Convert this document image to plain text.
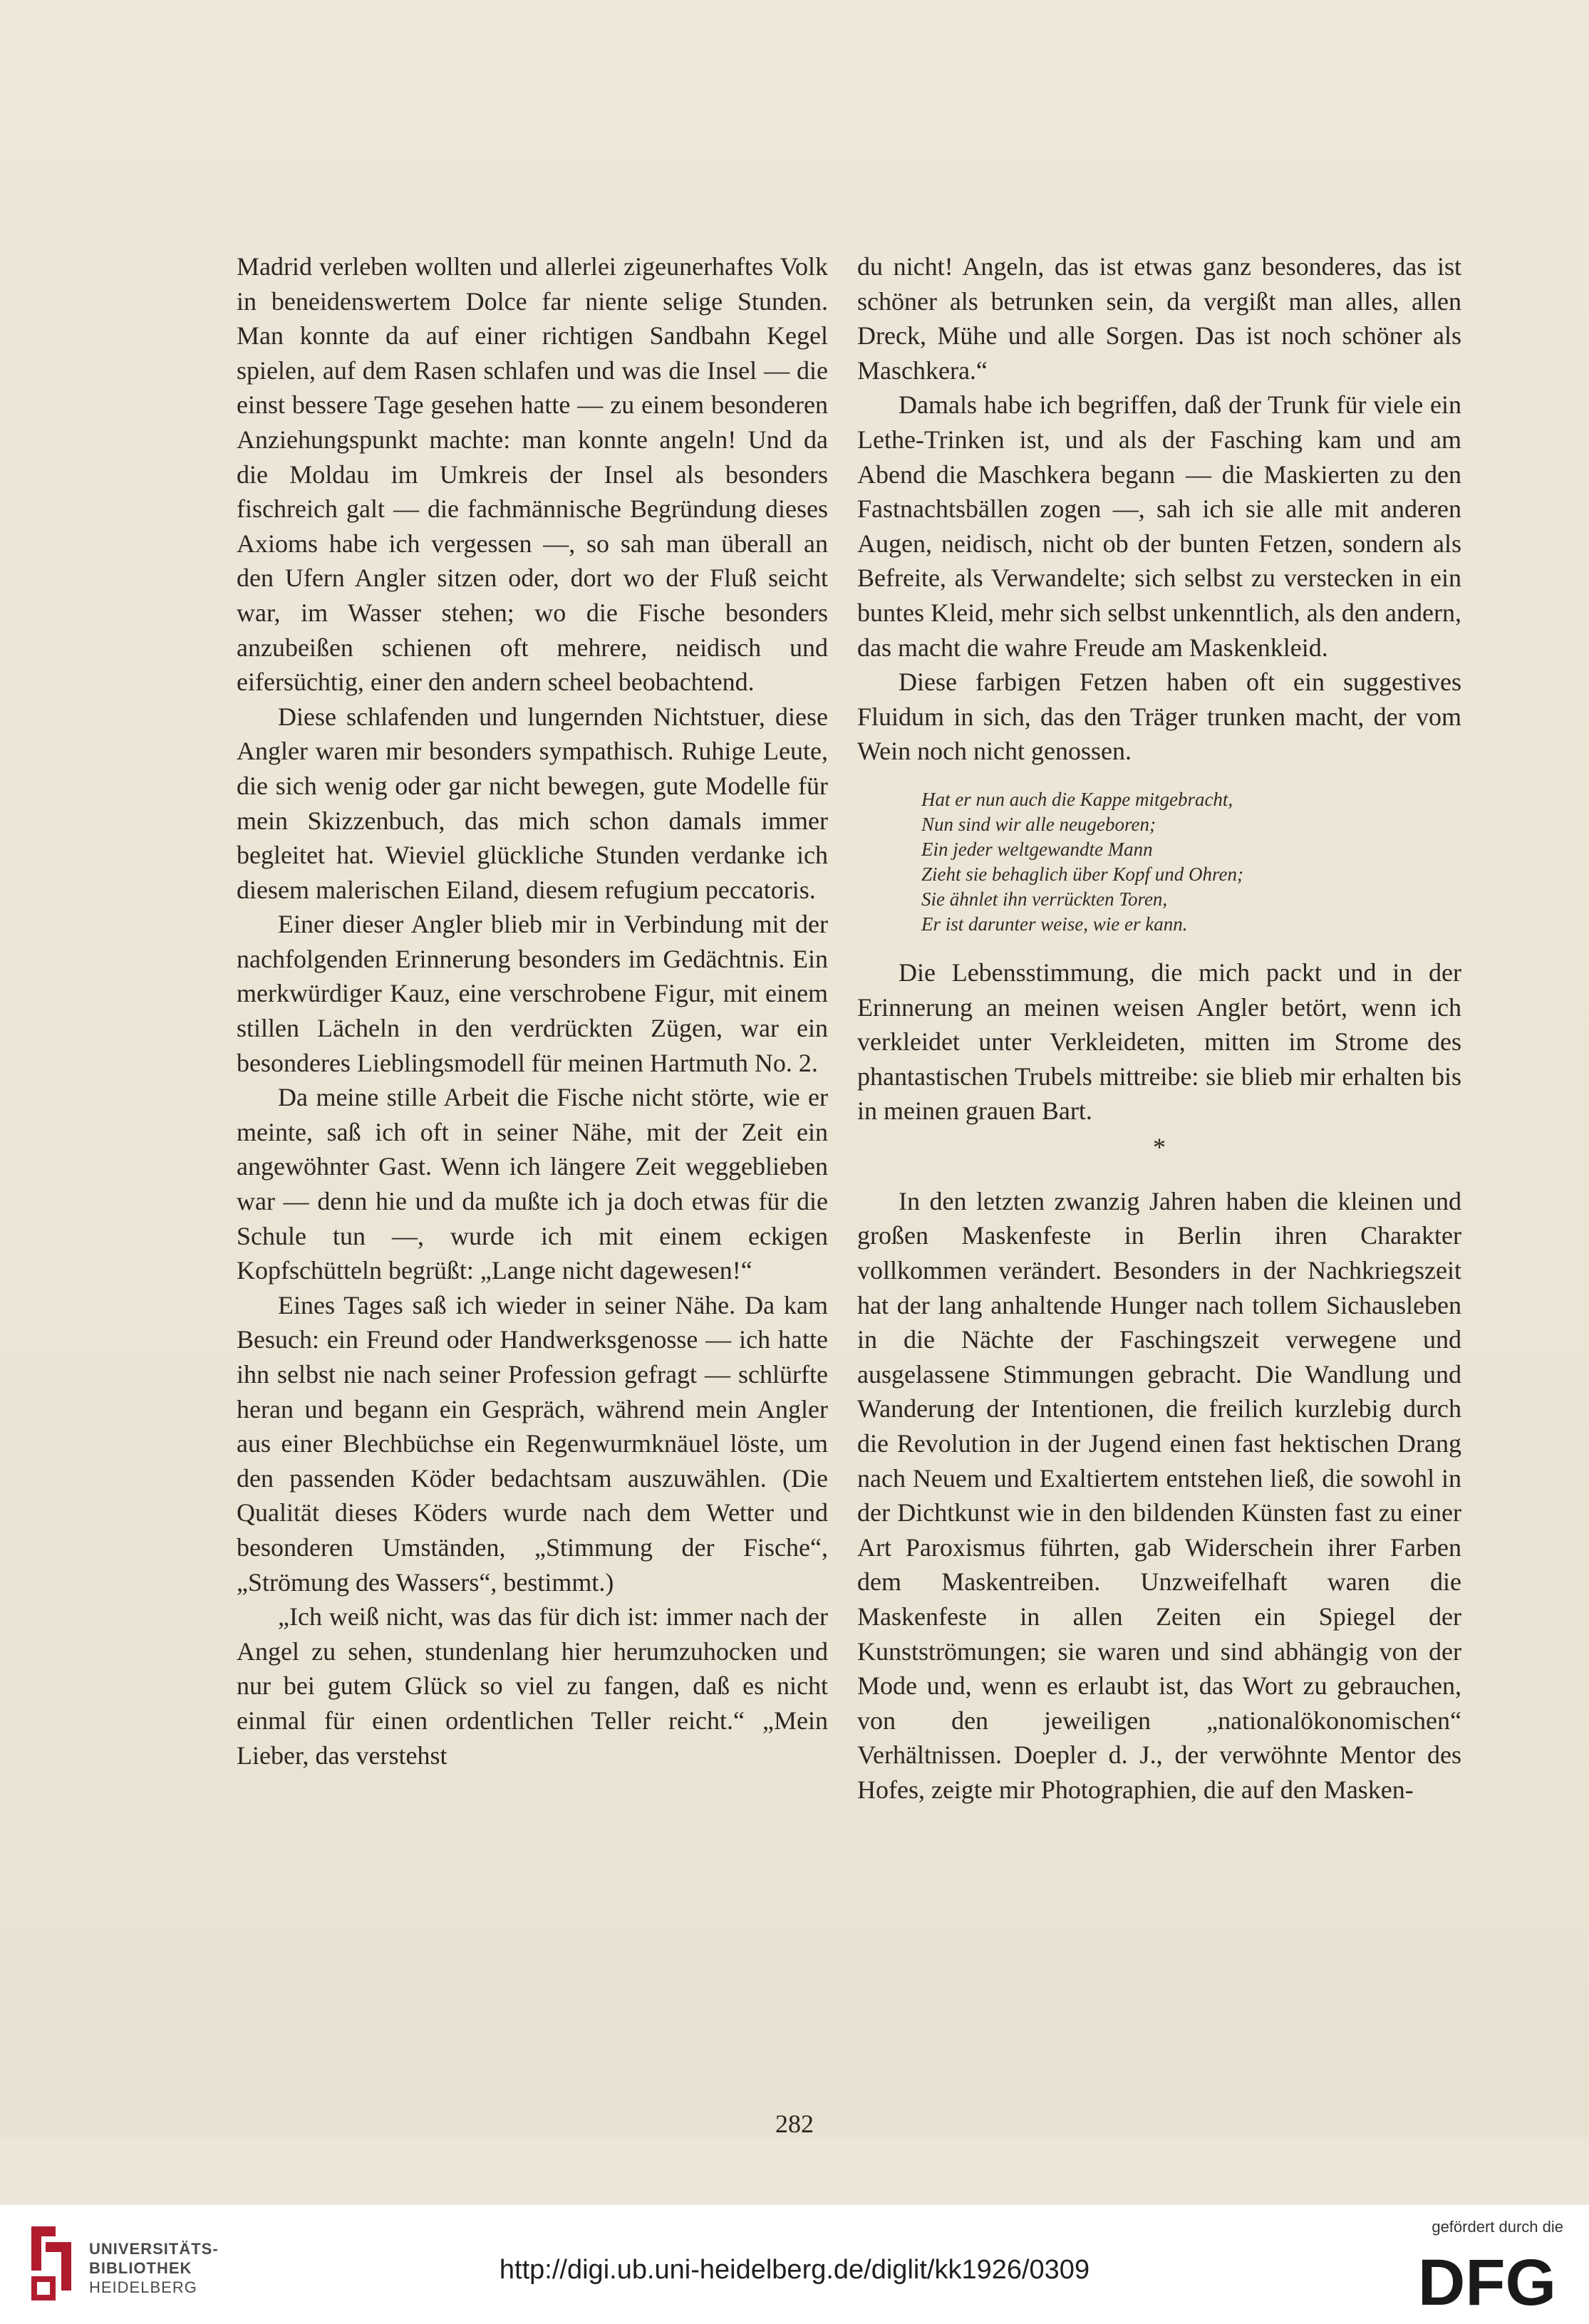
Madrid verleben wollten und allerlei zigeunerhaftes Volk in beneidenswertem Dolce far niente selige Stunden. Man konnte da auf einer richtigen Sandbahn Kegel spielen, auf dem Rasen schlafen und was die Insel — die einst bessere Tage gesehen hatte — zu einem besonderen Anziehungspunkt machte: man konnte angeln! Und da die Moldau im Umkreis der Insel als besonders fischreich galt — die fachmännische Begründung dieses Axioms habe ich vergessen —, so sah man überall an den Ufern Angler sitzen oder, dort wo der Fluß seicht war, im Wasser stehen; wo die Fische besonders anzubeißen schienen oft mehrere, neidisch und eifersüchtig, einer den andern scheel beobachtend.

Diese schlafenden und lungernden Nichtstuer, diese Angler waren mir besonders sympathisch. Ruhige Leute, die sich wenig oder gar nicht bewegen, gute Modelle für mein Skizzenbuch, das mich schon damals immer begleitet hat. Wieviel glückliche Stunden verdanke ich diesem malerischen Eiland, diesem refugium peccatoris.

Einer dieser Angler blieb mir in Verbindung mit der nachfolgenden Erinnerung besonders im Gedächtnis. Ein merkwürdiger Kauz, eine verschrobene Figur, mit einem stillen Lächeln in den verdrückten Zügen, war ein besonderes Lieblingsmodell für meinen Hartmuth No. 2.

Da meine stille Arbeit die Fische nicht störte, wie er meinte, saß ich oft in seiner Nähe, mit der Zeit ein angewöhnter Gast. Wenn ich längere Zeit weggeblieben war — denn hie und da mußte ich ja doch etwas für die Schule tun —, wurde ich mit einem eckigen Kopfschütteln begrüßt: „Lange nicht dagewesen!“

Eines Tages saß ich wieder in seiner Nähe. Da kam Besuch: ein Freund oder Handwerksgenosse — ich hatte ihn selbst nie nach seiner Profession gefragt — schlürfte heran und begann ein Gespräch, während mein Angler aus einer Blechbüchse ein Regenwurmknäuel löste, um den passenden Köder bedachtsam auszuwählen. (Die Qualität dieses Köders wurde nach dem Wetter und besonderen Umständen, „Stimmung der Fische“, „Strömung des Wassers“, bestimmt.)

„Ich weiß nicht, was das für dich ist: immer nach der Angel zu sehen, stundenlang hier herumzuhocken und nur bei gutem Glück so viel zu fangen, daß es nicht einmal für einen ordentlichen Teller reicht.“ „Mein Lieber, das verstehst

du nicht! Angeln, das ist etwas ganz besonderes, das ist schöner als betrunken sein, da vergißt man alles, allen Dreck, Mühe und alle Sorgen. Das ist noch schöner als Maschkera.“

Damals habe ich begriffen, daß der Trunk für viele ein Lethe-Trinken ist, und als der Fasching kam und am Abend die Maschkera begann — die Maskierten zu den Fastnachtsbällen zogen —, sah ich sie alle mit anderen Augen, neidisch, nicht ob der bunten Fetzen, sondern als Befreite, als Verwandelte; sich selbst zu verstecken in ein buntes Kleid, mehr sich selbst unkenntlich, als den andern, das macht die wahre Freude am Maskenkleid.

Diese farbigen Fetzen haben oft ein suggestives Fluidum in sich, das den Träger trunken macht, der vom Wein noch nicht genossen.

Hat er nun auch die Kappe mitgebracht,
Nun sind wir alle neugeboren;
Ein jeder weltgewandte Mann
Zieht sie behaglich über Kopf und Ohren;
Sie ähnlet ihn verrückten Toren,
Er ist darunter weise, wie er kann.

Die Lebensstimmung, die mich packt und in der Erinnerung an meinen weisen Angler betört, wenn ich verkleidet unter Verkleideten, mitten im Strome des phantastischen Trubels mittreibe: sie blieb mir erhalten bis in meinen grauen Bart.

*

In den letzten zwanzig Jahren haben die kleinen und großen Maskenfeste in Berlin ihren Charakter vollkommen verändert. Besonders in der Nachkriegszeit hat der lang anhaltende Hunger nach tollem Sichausleben in die Nächte der Faschingszeit verwegene und ausgelassene Stimmungen gebracht. Die Wandlung und Wanderung der Intentionen, die freilich kurzlebig durch die Revolution in der Jugend einen fast hektischen Drang nach Neuem und Exaltiertem entstehen ließ, die sowohl in der Dichtkunst wie in den bildenden Künsten fast zu einer Art Paroxismus führten, gab Widerschein ihrer Farben dem Maskentreiben. Unzweifelhaft waren die Maskenfeste in allen Zeiten ein Spiegel der Kunstströmungen; sie waren und sind abhängig von der Mode und, wenn es erlaubt ist, das Wort zu gebrauchen, von den jeweiligen „nationalökonomischen“ Verhältnissen. Doepler d. J., der verwöhnte Mentor des Hofes, zeigte mir Photographien, die auf den Masken-

282
UNIVERSITÄTS-
BIBLIOTHEK
HEIDELBERG
http://digi.ub.uni-heidelberg.de/diglit/kk1926/0309
gefördert durch die
DFG
